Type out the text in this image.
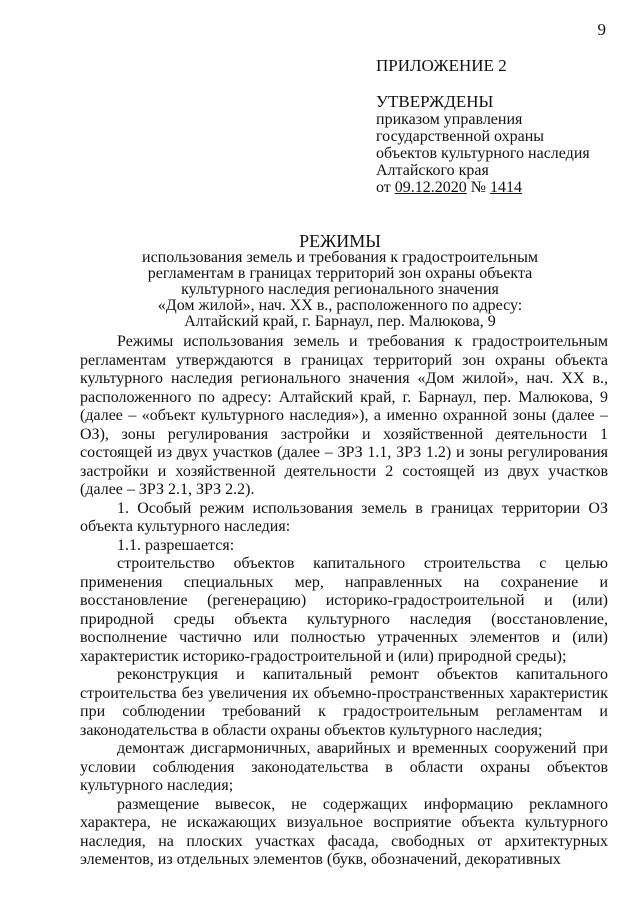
9
ПРИЛОЖЕНИЕ 2
УТВЕРЖДЕНЫ
приказом управления
государственной охраны
объектов культурного наследия
Алтайского края
от 09.12.2020 № 1414
РЕЖИМЫ
использования земель и требования к градостроительным
регламентам в границах территорий зон охраны объекта
культурного наследия регионального значения
«Дом жилой», нач. XX в., расположенного по адресу:
Алтайский край, г. Барнаул, пер. Малюкова, 9

Режимы использования земель и требования к градостроительным регламентам утверждаются в границах территорий зон охраны объекта культурного наследия регионального значения «Дом жилой», нач. XX в., расположенного по адресу: Алтайский край, г. Барнаул, пер. Малюкова, 9 (далее – «объект культурного наследия»), а именно охранной зоны (далее – ОЗ), зоны регулирования застройки и хозяйственной деятельности 1 состоящей из двух участков (далее – ЗРЗ 1.1, ЗРЗ 1.2) и зоны регулирования застройки и хозяйственной деятельности 2 состоящей из двух участков (далее – ЗРЗ 2.1, ЗРЗ 2.2).

1. Особый режим использования земель в границах территории ОЗ объекта культурного наследия:

1.1. разрешается:

строительство объектов капитального строительства с целью применения специальных мер, направленных на сохранение и восстановление (регенерацию) историко-градостроительной и (или) природной среды объекта культурного наследия (восстановление, восполнение частично или полностью утраченных элементов и (или) характеристик историко-градостроительной и (или) природной среды);

реконструкция и капитальный ремонт объектов капитального строительства без увеличения их объемно-пространственных характеристик при соблюдении требований к градостроительным регламентам и законодательства в области охраны объектов культурного наследия;

демонтаж дисгармоничных, аварийных и временных сооружений при условии соблюдения законодательства в области охраны объектов культурного наследия;

размещение вывесок, не содержащих информацию рекламного характера, не искажающих визуальное восприятие объекта культурного наследия, на плоских участках фасада, свободных от архитектурных элементов, из отдельных элементов (букв, обозначений, декоративных
